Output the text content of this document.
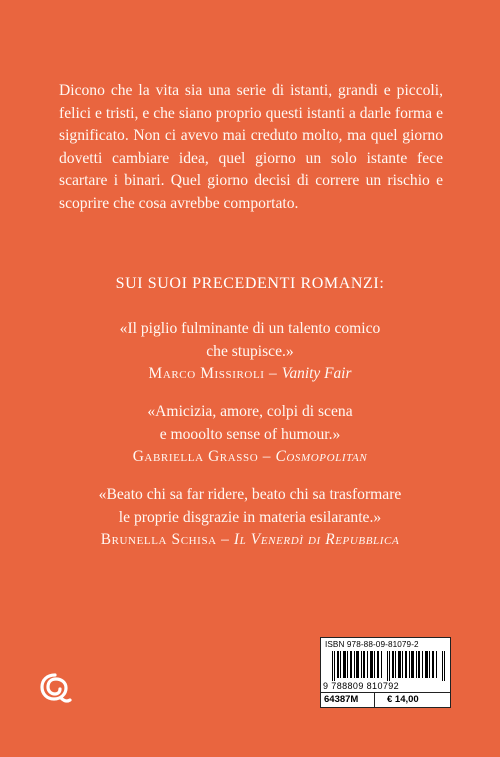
Dicono che la vita sia una serie di istanti, grandi e piccoli, felici e tristi, e che siano proprio questi istanti a darle forma e significato. Non ci avevo mai creduto molto, ma quel giorno dovetti cambiare idea, quel giorno un solo istante fece scartare i binari. Quel giorno decisi di correre un rischio e scoprire che cosa avrebbe comportato.

SUI SUOI PRECEDENTI ROMANZI:

«Il piglio fulminante di un talento comico
che stupisce.»

Marco Missiroli – Vanity Fair

«Amicizia, amore, colpi di scena
e mooolto sense of humour.»

Gabriella Grasso – Cosmopolitan

«Beato chi sa far ridere, beato chi sa trasformare
le proprie disgrazie in materia esilarante.»

Brunella Schisa – Il Venerdì di Repubblica

ISBN 978-88-09-81079-2
9 788809 810792
64387M	€ 14,00
